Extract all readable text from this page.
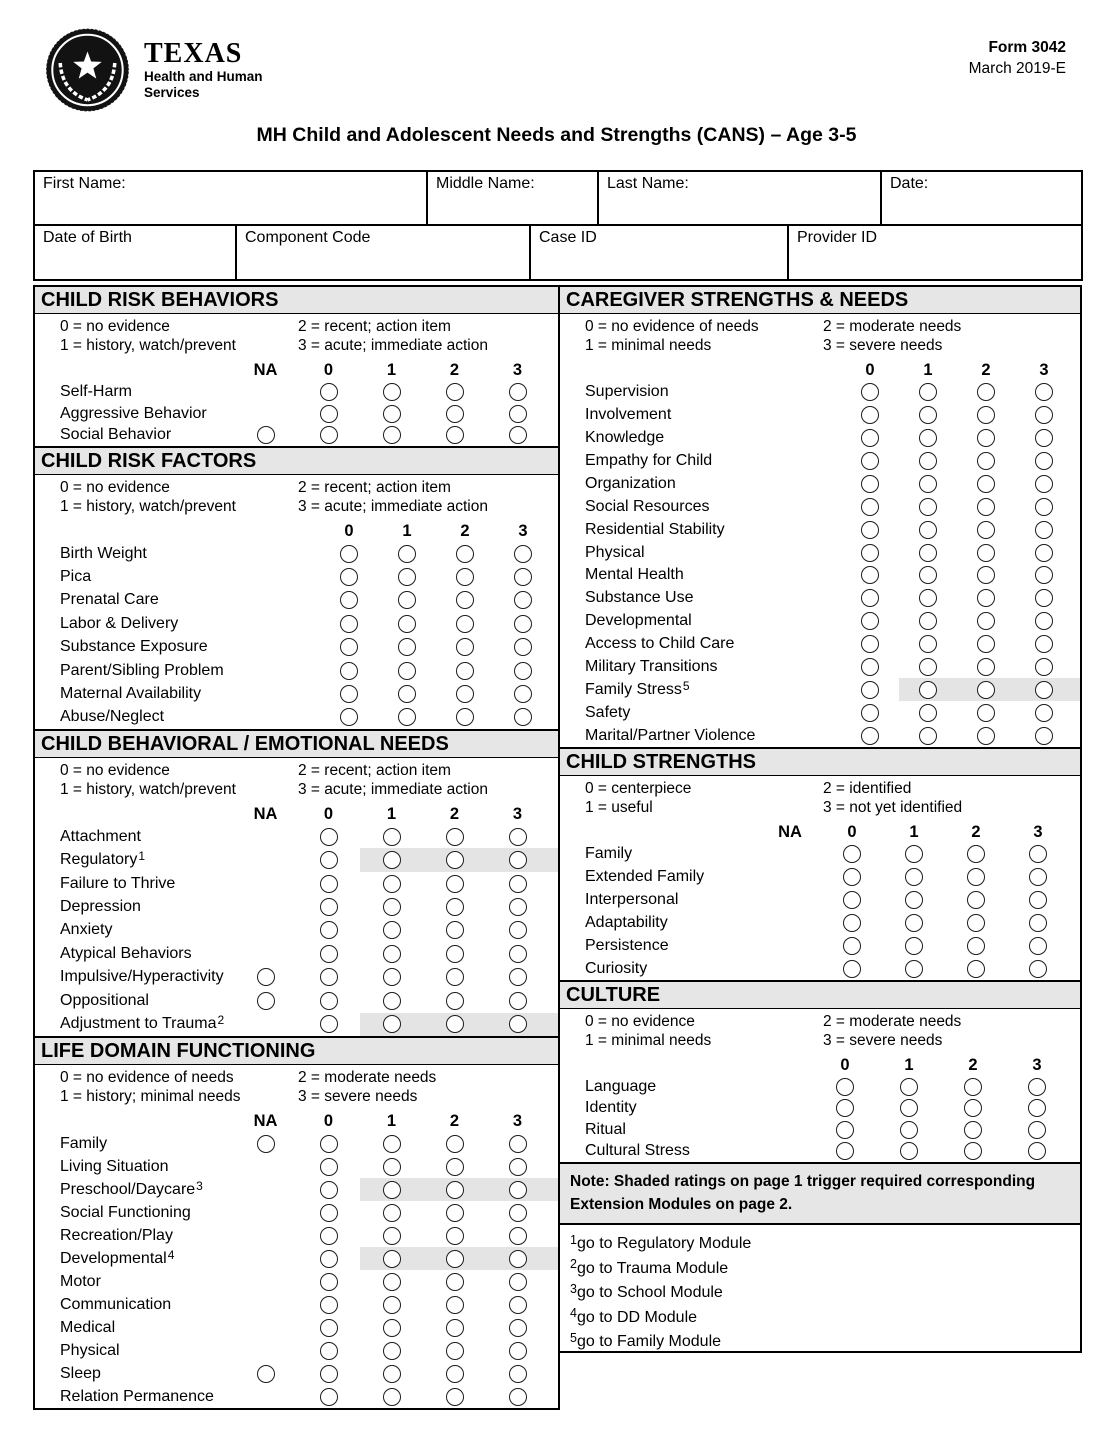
TEXAS
Health and Human
Services
Form 3042
March 2019-E
MH Child and Adolescent Needs and Strengths (CANS) – Age 3-5
First Name:	Middle Name:	Last Name:	Date:
Date of Birth	Component Code	Case ID	Provider ID
CHILD RISK BEHAVIORS
0 = no evidence
1 = history, watch/prevent
2 = recent; action item
3 = acute; immediate action
NA	0	1	2	3
Self-Harm
Aggressive Behavior
Social Behavior
CHILD RISK FACTORS
0 = no evidence
1 = history, watch/prevent
2 = recent; action item
3 = acute; immediate action
0	1	2	3
Birth Weight
Pica
Prenatal Care
Labor & Delivery
Substance Exposure
Parent/Sibling Problem
Maternal Availability
Abuse/Neglect
CHILD BEHAVIORAL / EMOTIONAL NEEDS
0 = no evidence
1 = history, watch/prevent
2 = recent; action item
3 = acute; immediate action
NA	0	1	2	3
Attachment
Regulatory 1
Failure to Thrive
Depression
Anxiety
Atypical Behaviors
Impulsive/Hyperactivity
Oppositional
Adjustment to Trauma 2
LIFE DOMAIN FUNCTIONING
0 = no evidence of needs
1 = history; minimal needs
2 = moderate needs
3 = severe needs
NA	0	1	2	3
Family
Living Situation
Preschool/Daycare 3
Social Functioning
Recreation/Play
Developmental 4
Motor
Communication
Medical
Physical
Sleep
Relation Permanence
CAREGIVER STRENGTHS & NEEDS
0 = no evidence of needs
1 = minimal needs
2 = moderate needs
3 = severe needs
0	1	2	3
Supervision
Involvement
Knowledge
Empathy for Child
Organization
Social Resources
Residential Stability
Physical
Mental Health
Substance Use
Developmental
Access to Child Care
Military Transitions
Family Stress 5
Safety
Marital/Partner Violence
CHILD STRENGTHS
0 = centerpiece
1 = useful
2 = identified
3 = not yet identified
NA	0	1	2	3
Family
Extended Family
Interpersonal
Adaptability
Persistence
Curiosity
CULTURE
0 = no evidence
1 = minimal needs
2 = moderate needs
3 = severe needs
0	1	2	3
Language
Identity
Ritual
Cultural Stress
Note: Shaded ratings on page 1 trigger required corresponding Extension Modules on page 2.
$^1$go to Regulatory Module
$^2$go to Trauma Module
$^3$go to School Module
$^4$go to DD Module
$^5$go to Family Module
